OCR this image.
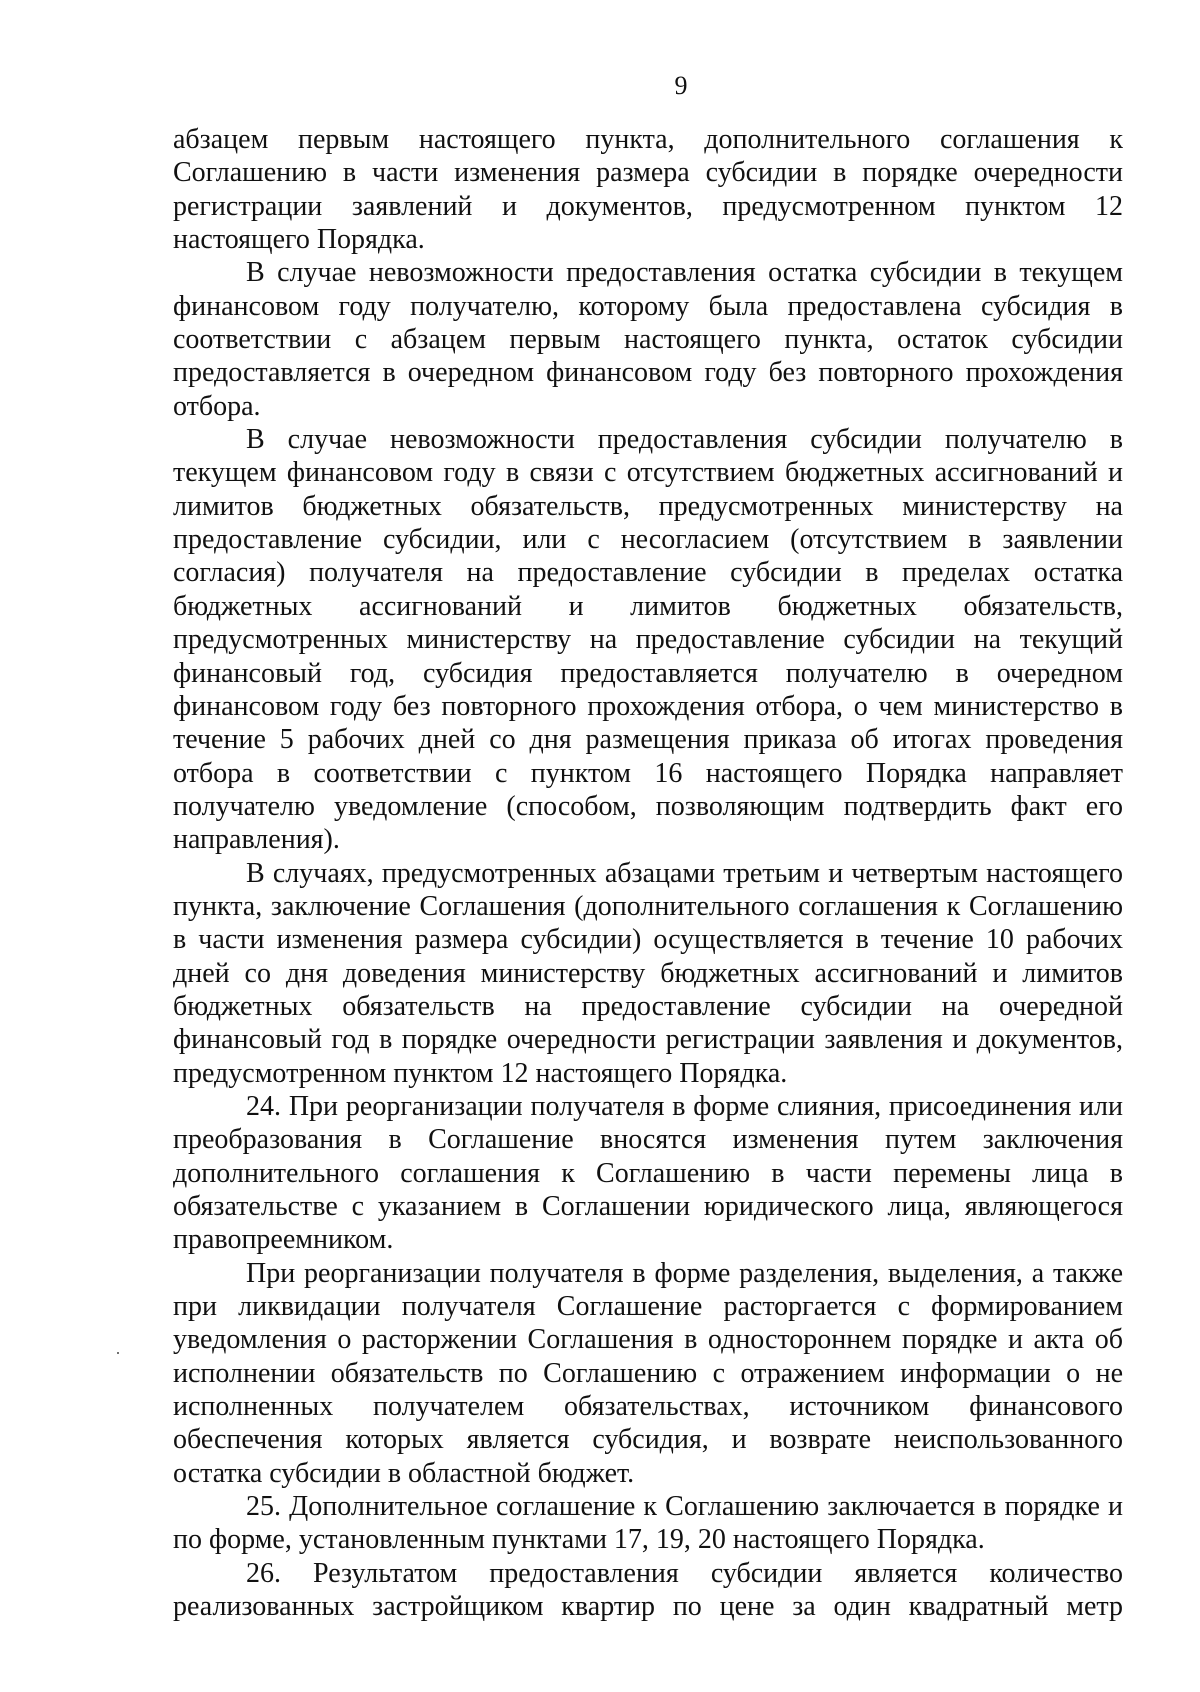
9

абзацем первым настоящего пункта, дополнительного соглашения к Соглашению в части изменения размера субсидии в порядке очередности регистрации заявлений и документов, предусмотренном пунктом 12 настоящего Порядка.

В случае невозможности предоставления остатка субсидии в текущем финансовом году получателю, которому была предоставлена субсидия в соответствии с абзацем первым настоящего пункта, остаток субсидии предоставляется в очередном финансовом году без повторного прохождения отбора.

В случае невозможности предоставления субсидии получателю в текущем финансовом году в связи с отсутствием бюджетных ассигнований и лимитов бюджетных обязательств, предусмотренных министерству на предоставление субсидии, или с несогласием (отсутствием в заявлении согласия) получателя на предоставление субсидии в пределах остатка бюджетных ассигнований и лимитов бюджетных обязательств, предусмотренных министерству на предоставление субсидии на текущий финансовый год, субсидия предоставляется получателю в очередном финансовом году без повторного прохождения отбора, о чем министерство в течение 5 рабочих дней со дня размещения приказа об итогах проведения отбора в соответствии с пунктом 16 настоящего Порядка направляет получателю уведомление (способом, позволяющим подтвердить факт его направления).

В случаях, предусмотренных абзацами третьим и четвертым настоящего пункта, заключение Соглашения (дополнительного соглашения к Соглашению в части изменения размера субсидии) осуществляется в течение 10 рабочих дней со дня доведения министерству бюджетных ассигнований и лимитов бюджетных обязательств на предоставление субсидии на очередной финансовый год в порядке очередности регистрации заявления и документов, предусмотренном пунктом 12 настоящего Порядка.

24. При реорганизации получателя в форме слияния, присоединения или преобразования в Соглашение вносятся изменения путем заключения дополнительного соглашения к Соглашению в части перемены лица в обязательстве с указанием в Соглашении юридического лица, являющегося правопреемником.

При реорганизации получателя в форме разделения, выделения, а также при ликвидации получателя Соглашение расторгается с формированием уведомления о расторжении Соглашения в одностороннем порядке и акта об исполнении обязательств по Соглашению с отражением информации о не исполненных получателем обязательствах, источником финансового обеспечения которых является субсидия, и возврате неиспользованного остатка субсидии в областной бюджет.

25. Дополнительное соглашение к Соглашению заключается в порядке и по форме, установленным пунктами 17, 19, 20 настоящего Порядка.

26. Результатом предоставления субсидии является количество реализованных застройщиком квартир по цене за один квадратный метр
